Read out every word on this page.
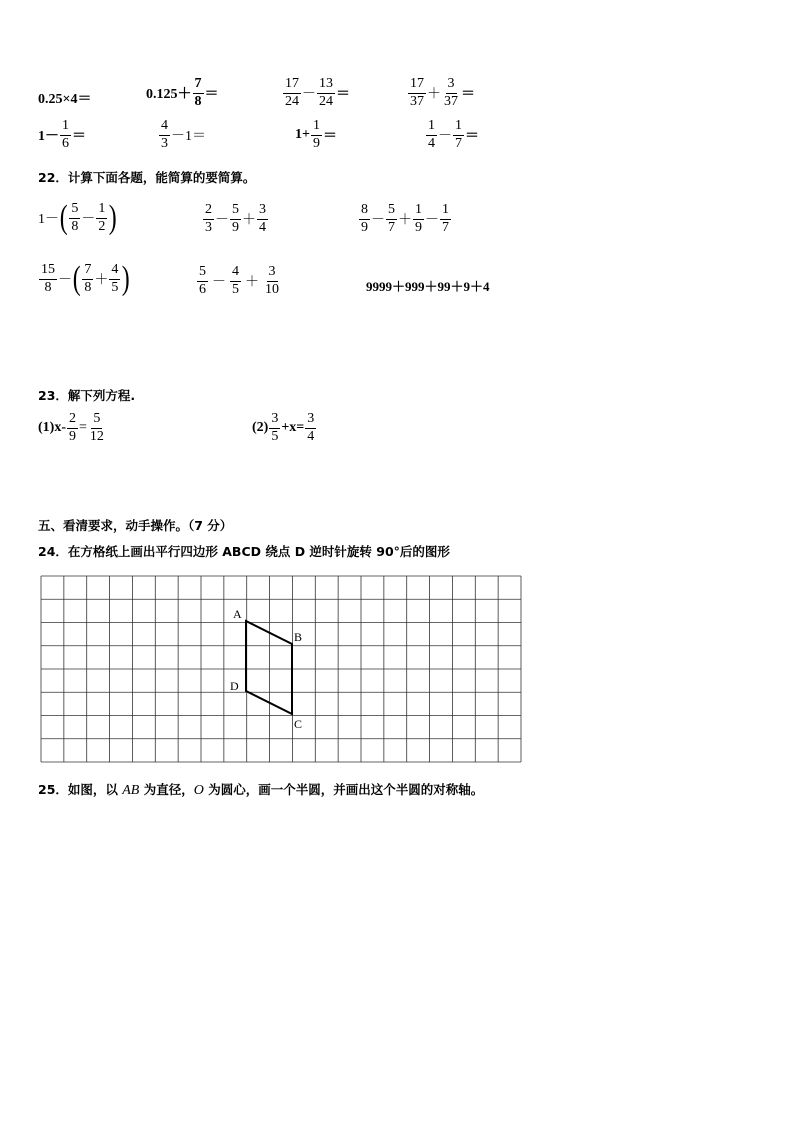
0.25×4＝	$0.125+ \frac{7}{8}$ ＝	$\frac{17}{24} - \frac{13}{24}$ ＝	$\frac{17}{37} + \frac{3}{37}$ ＝
$1- \frac{1}{6}$ ＝	$\frac{4}{3} -1=$	$1+ \frac{1}{9}$ ＝	$\frac{1}{4} - \frac{1}{7}$ ＝
22．计算下面各题，能简算的要简算。
1－ ( $\frac{5}{8} - \frac{1}{2}$ )	$\frac{2}{3} - \frac{5}{9} + \frac{3}{4}$	$\frac{8}{9} - \frac{5}{7} + \frac{1}{9} - \frac{1}{7}$
$\frac{15}{8}$ － ( $\frac{7}{8} + \frac{4}{5}$ )	$\frac{5}{6} - \frac{4}{5} + \frac{3}{10}$	9999＋999＋99＋9＋4
23．解下列方程.
$(1)x- \frac{2}{9} = \frac{5}{12}$	$(2) \frac{3}{5} +x= \frac{3}{4}$
五、看清要求，动手操作。（7 分）
24．在方格纸上画出平行四边形 ABCD 绕点 D 逆时针旋转 90°后的图形
A
B
C
D
25．如图，以 AB 为直径，O 为圆心，画一个半圆，并画出这个半圆的对称轴。
